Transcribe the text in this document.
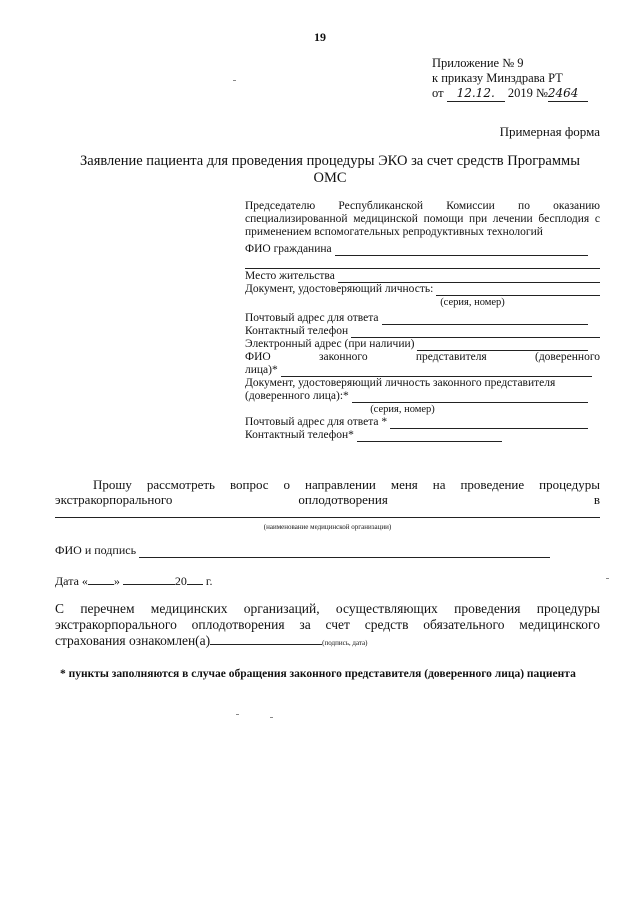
19
Приложение № 9
к приказу Минздрава РТ
от 12.12. 2019 №2464
Примерная форма
Заявление пациента для проведения процедуры ЭКО за счет средств Программы
ОМС
Председателю Республиканской Комиссии по оказанию специализированной медицинской помощи при лечении бесплодия с применением вспомогательных репродуктивных технологий
ФИО гражданина
Место жительства
Документ, удостоверяющий личность:
(серия, номер)
Почтовый адрес для ответа
Контактный телефон
Электронный адрес (при наличии)
ФИО законного представителя (доверенного
лица)*
Документ, удостоверяющий личность законного представителя
(доверенного лица):*
(серия, номер)
Почтовый адрес для ответа *
Контактный телефон*
Прошу рассмотреть вопрос о направлении меня на проведение процедуры
экстракорпорального	оплодотворения	в
(наименование медицинской организации)
ФИО и подпись
Дата « »	20 г.
С перечнем медицинских организаций, осуществляющих проведения процедуры экстракорпорального оплодотворения за счет средств обязательного медицинского страхования ознакомлен(а)	(подпись, дата)
* пункты заполняются в случае обращения законного представителя (доверенного лица) пациента
